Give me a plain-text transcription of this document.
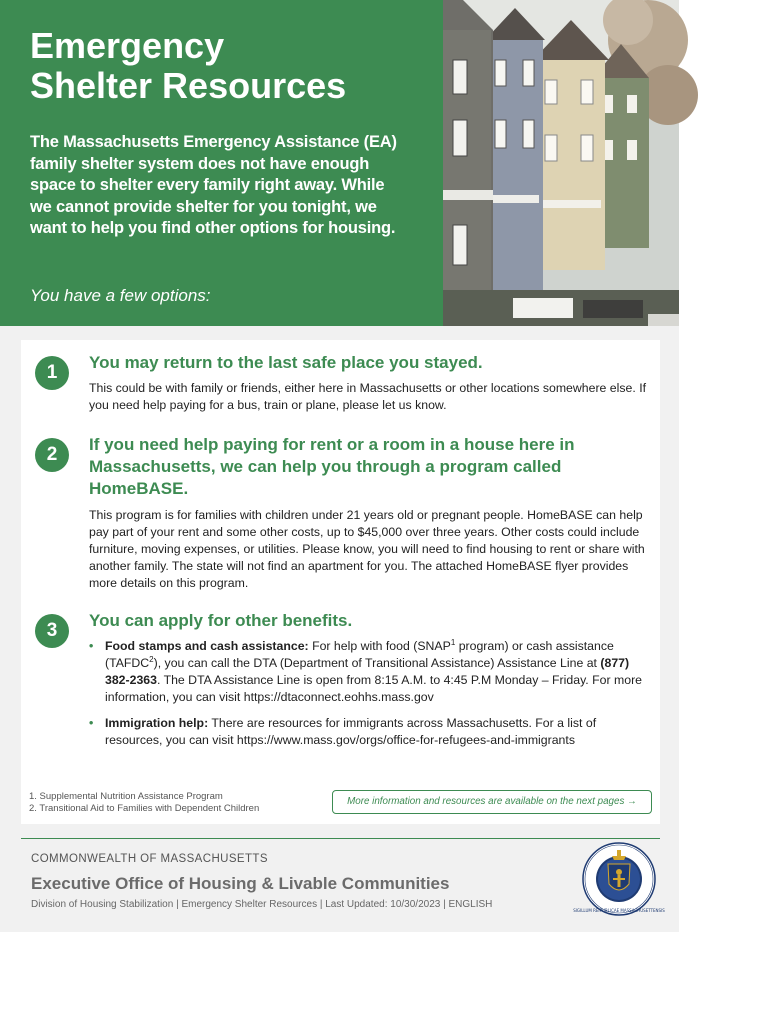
Emergency
Shelter Resources
The Massachusetts Emergency Assistance (EA) family shelter system does not have enough space to shelter every family right away. While we cannot provide shelter for you tonight, we want to help you find other options for housing.
You have a few options:
1	You may return to the last safe place you stayed.
This could be with family or friends, either here in Massachusetts or other locations somewhere else. If you need help paying for a bus, train or plane, please let us know.
2	If you need help paying for rent or a room in a house here in Massachusetts, we can help you through a program called HomeBASE.
This program is for families with children under 21 years old or pregnant people. HomeBASE can help pay part of your rent and some other costs, up to $45,000 over three years. Other costs could include furniture, moving expenses, or utilities. Please know, you will need to find housing to rent or share with another family. The state will not find an apartment for you. The attached HomeBASE flyer provides more details on this program.
3	You can apply for other benefits.
• Food stamps and cash assistance: For help with food (SNAP$^1$ program) or cash assistance (TAFDC$^2$), you can call the DTA (Department of Transitional Assistance) Assistance Line at (877) 382-2363. The DTA Assistance Line is open from 8:15 A.M. to 4:45 P.M Monday – Friday. For more information, you can visit https://dtaconnect.eohhs.mass.gov
• Immigration help: There are resources for immigrants across Massachusetts. For a list of resources, you can visit https://www.mass.gov/orgs/office-for-refugees-and-immigrants
1. Supplemental Nutrition Assistance Program
2. Transitional Aid to Families with Dependent Children
More information and resources are available on the next pages →
COMMONWEALTH OF MASSACHUSETTS
Executive Office of Housing & Livable Communities
Division of Housing Stabilization | Emergency Shelter Resources | Last Updated: 10/30/2023 | ENGLISH
SIGILLUM REIPUBLICAE MASSACHUSETTENSIS
